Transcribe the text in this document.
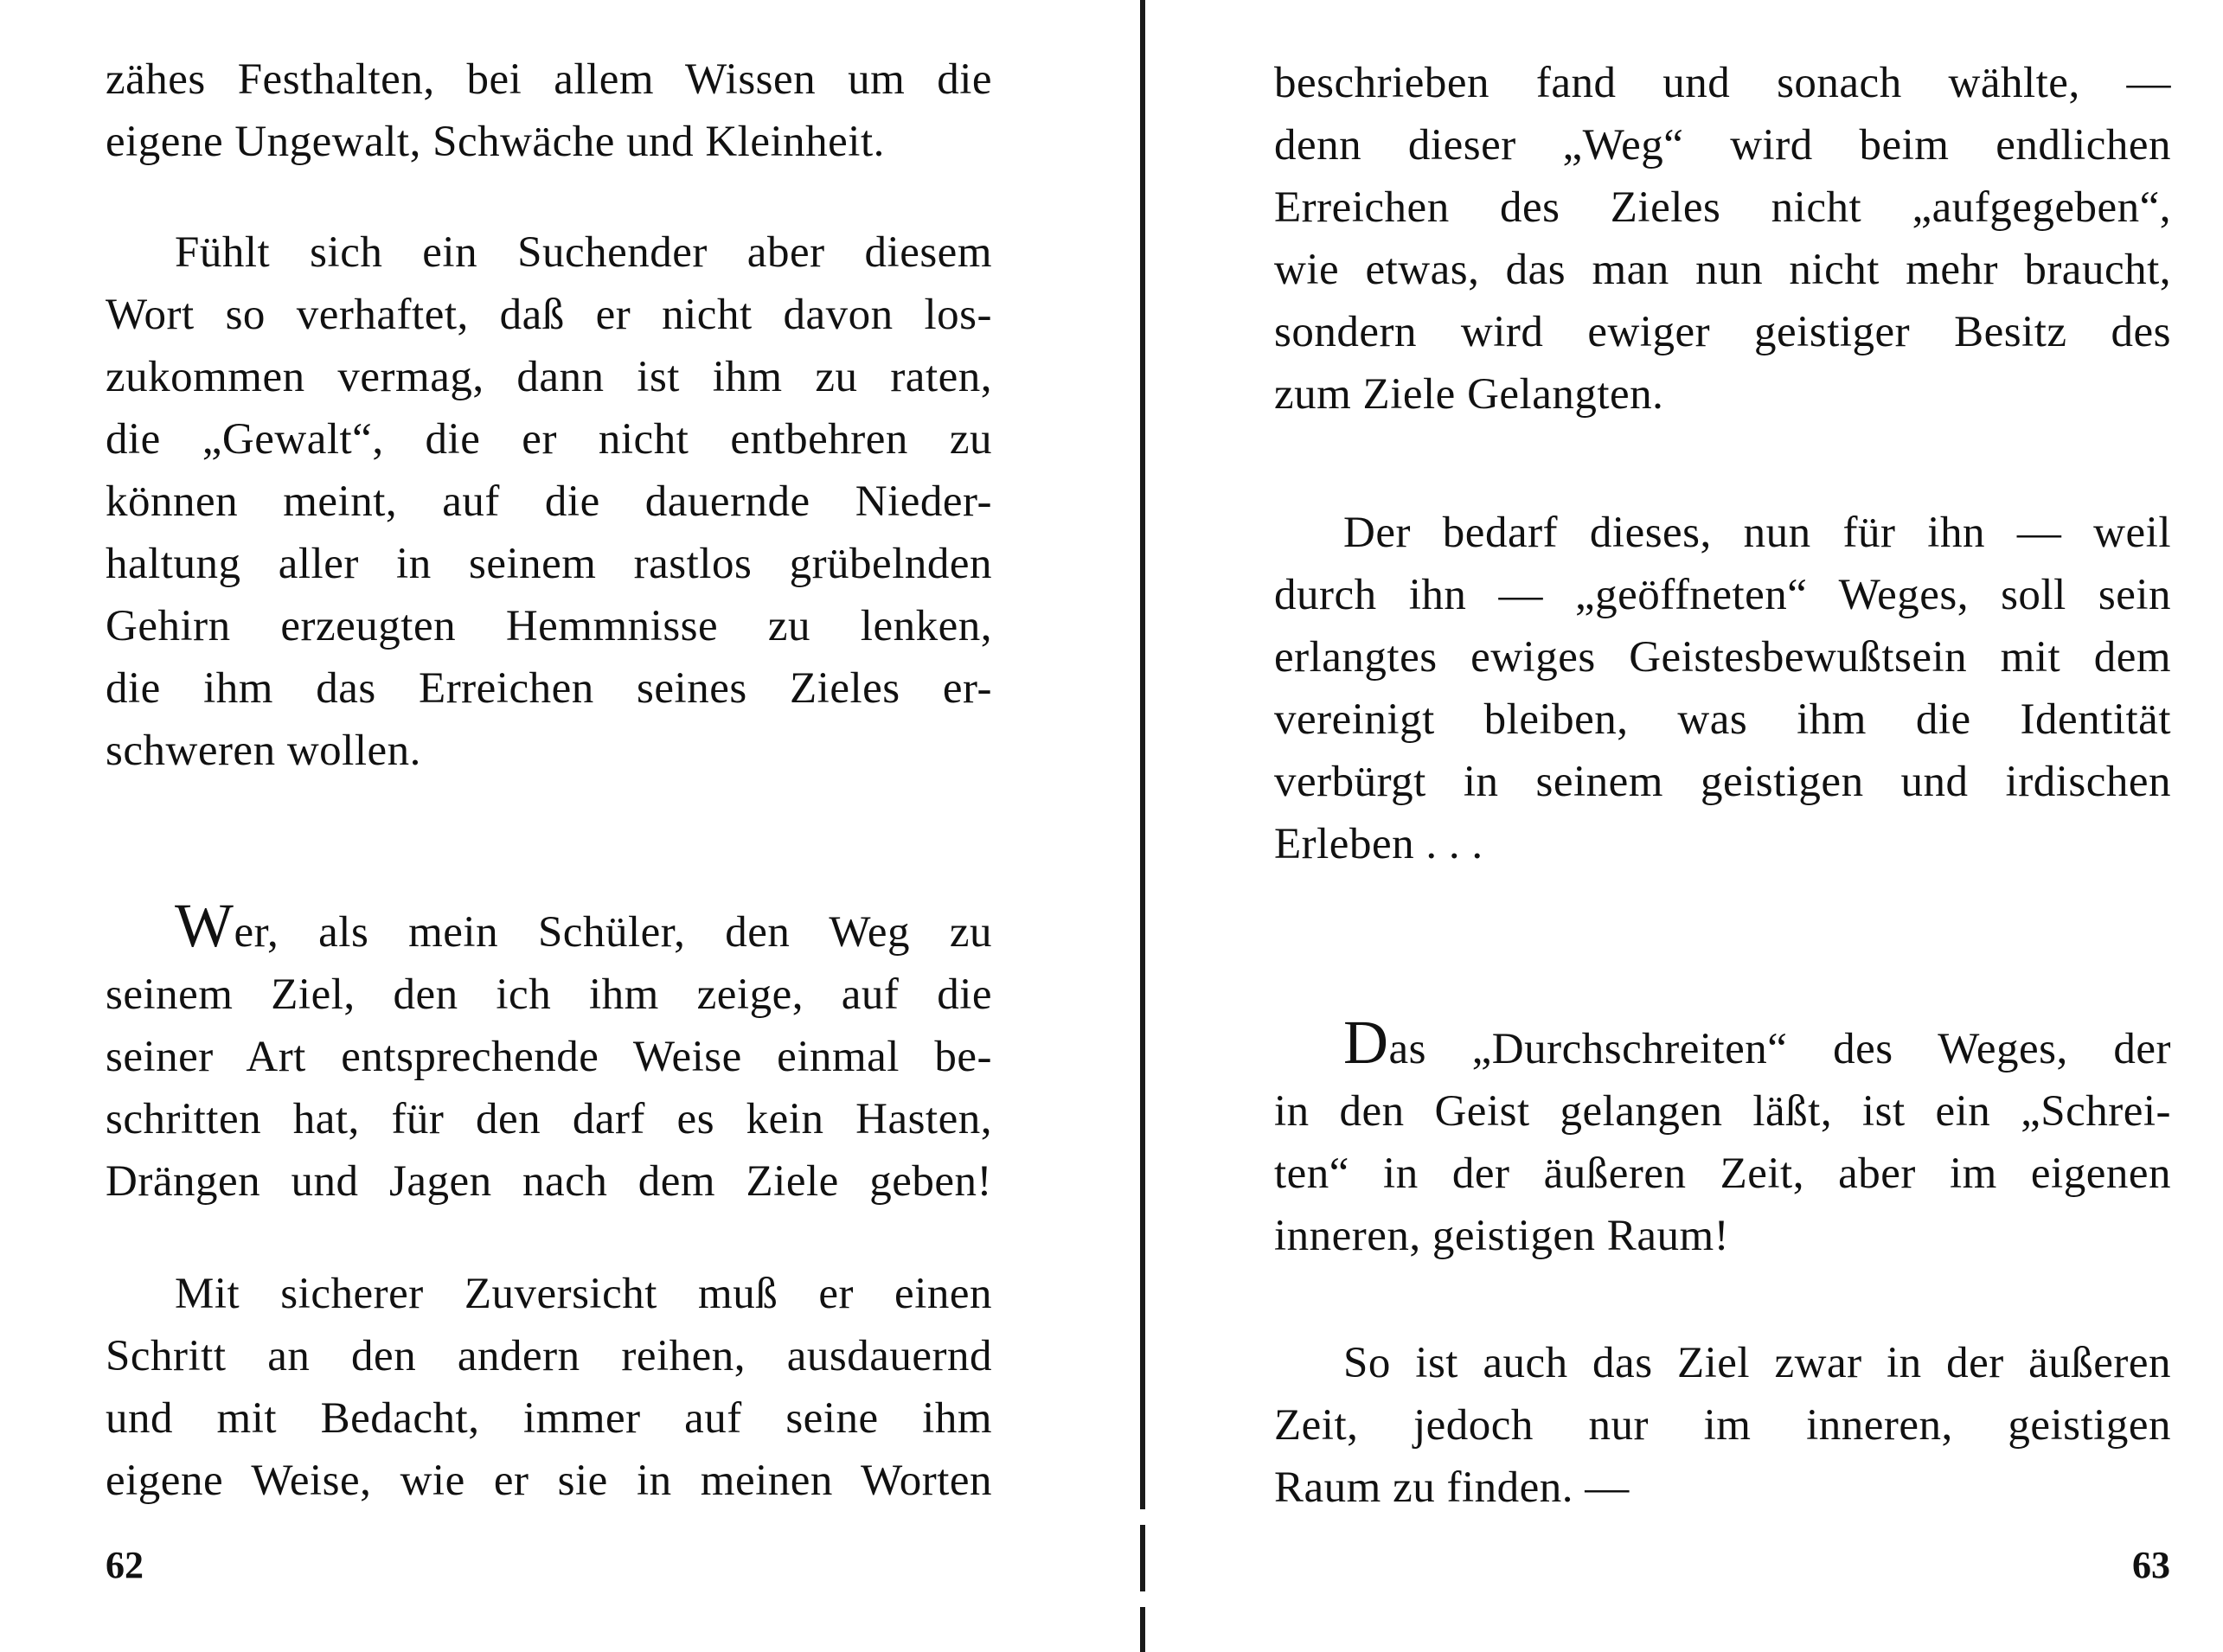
zähes Festhalten, bei allem Wissen um die
eigene Ungewalt, Schwäche und Kleinheit.
Fühlt sich ein Suchender aber diesem
Wort so verhaftet, daß er nicht davon los-
zukommen vermag, dann ist ihm zu raten,
die „Gewalt“, die er nicht entbehren zu
können meint, auf die dauernde Nieder-
haltung aller in seinem rastlos grübelnden
Gehirn erzeugten Hemmnisse zu lenken,
die ihm das Erreichen seines Zieles er-
schweren wollen.
Wer, als mein Schüler, den Weg zu
seinem Ziel, den ich ihm zeige, auf die
seiner Art entsprechende Weise einmal be-
schritten hat, für den darf es kein Hasten,
Drängen und Jagen nach dem Ziele geben!
Mit sicherer Zuversicht muß er einen
Schritt an den andern reihen, ausdauernd
und mit Bedacht, immer auf seine ihm
eigene Weise, wie er sie in meinen Worten
62
beschrieben fand und sonach wählte, —
denn dieser „Weg“ wird beim endlichen
Erreichen des Zieles nicht „aufgegeben“,
wie etwas, das man nun nicht mehr braucht,
sondern wird ewiger geistiger Besitz des
zum Ziele Gelangten.
Der bedarf dieses, nun für ihn — weil
durch ihn — „geöffneten“ Weges, soll sein
erlangtes ewiges Geistesbewußtsein mit dem
vereinigt bleiben, was ihm die Identität
verbürgt in seinem geistigen und irdischen
Erleben . . .
Das „Durchschreiten“ des Weges, der
in den Geist gelangen läßt, ist ein „Schrei-
ten“ in der äußeren Zeit, aber im eigenen
inneren, geistigen Raum!
So ist auch das Ziel zwar in der äußeren
Zeit, jedoch nur im inneren, geistigen
Raum zu finden. —
63
